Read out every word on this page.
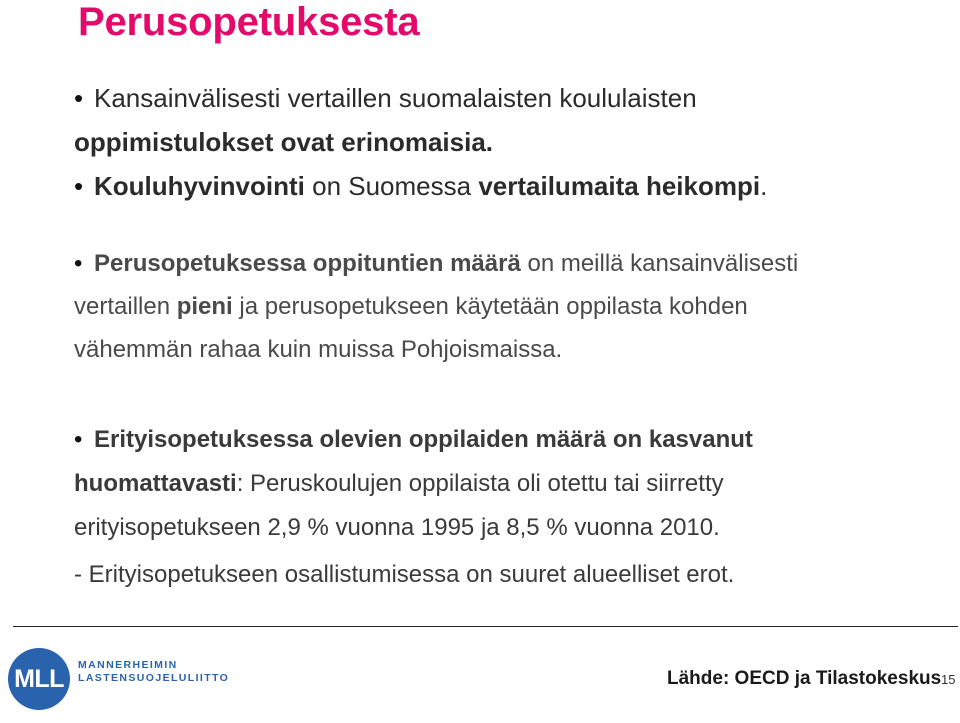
Perusopetuksesta
• Kansainvälisesti vertaillen suomalaisten koululaisten
oppimistulokset ovat erinomaisia.
• Kouluhyvinvointi on Suomessa vertailumaita heikompi.
• Perusopetuksessa oppituntien määrä on meillä kansainvälisesti
vertaillen pieni ja perusopetukseen käytetään oppilasta kohden
vähemmän rahaa kuin muissa Pohjoismaissa.
• Erityisopetuksessa olevien oppilaiden määrä on kasvanut
huomattavasti: Peruskoulujen oppilaista oli otettu tai siirretty
erityisopetukseen 2,9 % vuonna 1995 ja 8,5 % vuonna 2010.
- Erityisopetukseen osallistumisessa on suuret alueelliset erot.
MLL MANNERHEIMIN
LASTENSUOJELULIITTO	Lähde: OECD ja Tilastokeskus 15
